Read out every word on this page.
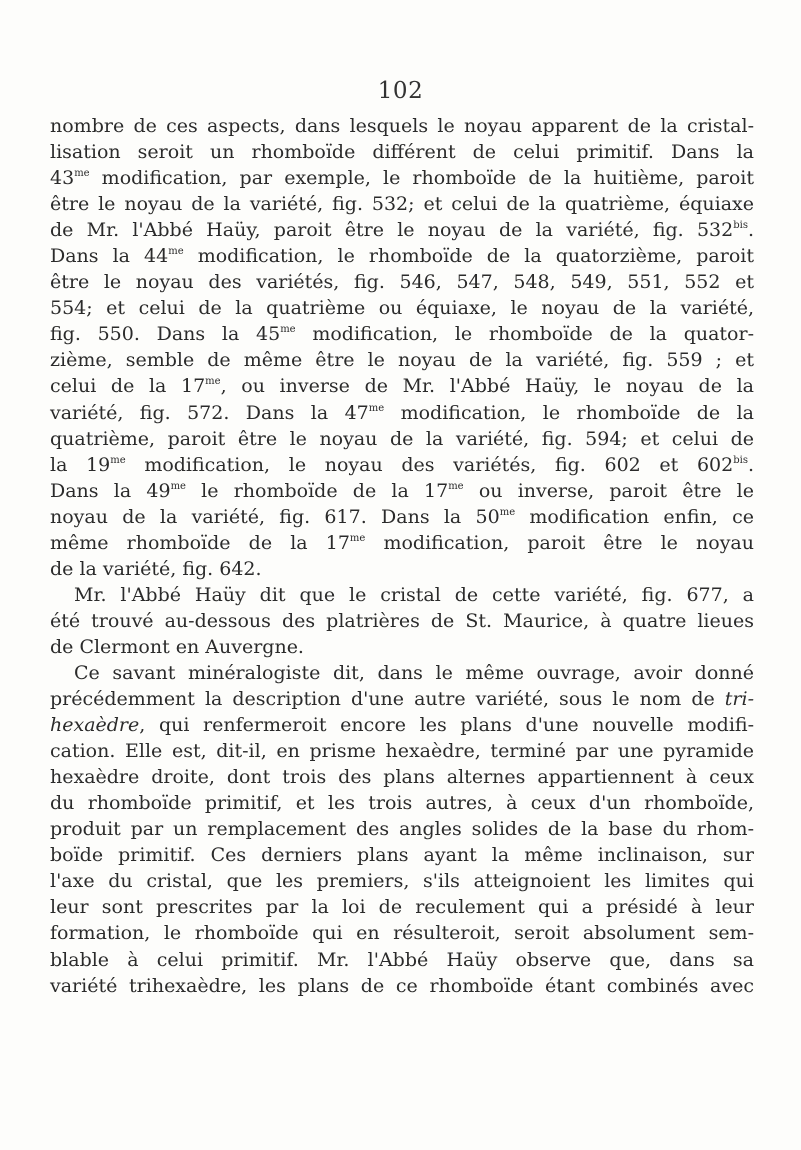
102
nombre de ces aspects, dans lesquels le noyau apparent de la cristal-
lisation seroit un rhomboïde différent de celui primitif. Dans la
$43^{me}$ modification, par exemple, le rhomboïde de la huitième, paroit
être le noyau de la variété, fig. 532; et celui de la quatrième, équiaxe
de Mr. l'Abbé Haüy, paroit être le noyau de la variété, fig. $532^{bis}$.
Dans la $44^{me}$ modification, le rhomboïde de la quatorzième, paroit
être le noyau des variétés, fig. 546, 547, 548, 549, 551, 552 et
554; et celui de la quatrième ou équiaxe, le noyau de la variété,
fig. 550. Dans la $45^{me}$ modification, le rhomboïde de la quator-
zième, semble de même être le noyau de la variété, fig. 559 ; et
celui de la $17^{me}$, ou inverse de Mr. l'Abbé Haüy, le noyau de la
variété, fig. 572. Dans la $47^{me}$ modification, le rhomboïde de la
quatrième, paroit être le noyau de la variété, fig. 594; et celui de
la $19^{me}$ modification, le noyau des variétés, fig. 602 et $602^{bis}$.
Dans la $49^{me}$ le rhomboïde de la $17^{me}$ ou inverse, paroit être le
noyau de la variété, fig. 617. Dans la $50^{me}$ modification enfin, ce
même rhomboïde de la $17^{me}$ modification, paroit être le noyau
de la variété, fig. 642.
Mr. l'Abbé Haüy dit que le cristal de cette variété, fig. 677, a
été trouvé au-dessous des platrières de St. Maurice, à quatre lieues
de Clermont en Auvergne.
Ce savant minéralogiste dit, dans le même ouvrage, avoir donné
précédemment la description d'une autre variété, sous le nom de tri-
hexaèdre, qui renfermeroit encore les plans d'une nouvelle modifi-
cation. Elle est, dit-il, en prisme hexaèdre, terminé par une pyramide
hexaèdre droite, dont trois des plans alternes appartiennent à ceux
du rhomboïde primitif, et les trois autres, à ceux d'un rhomboïde,
produit par un remplacement des angles solides de la base du rhom-
boïde primitif. Ces derniers plans ayant la même inclinaison, sur
l'axe du cristal, que les premiers, s'ils atteignoient les limites qui
leur sont prescrites par la loi de reculement qui a présidé à leur
formation, le rhomboïde qui en résulteroit, seroit absolument sem-
blable à celui primitif. Mr. l'Abbé Haüy observe que, dans sa
variété trihexaèdre, les plans de ce rhomboïde étant combinés avec
